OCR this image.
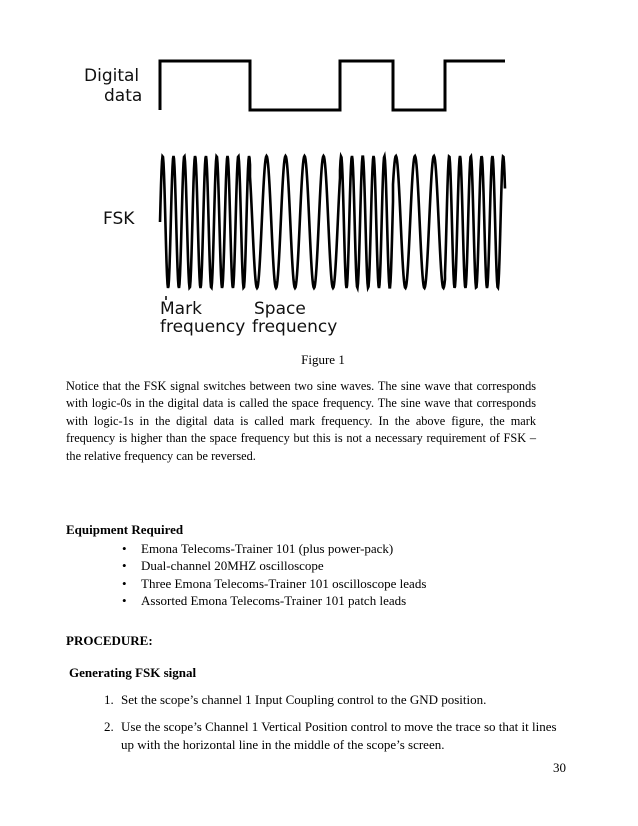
Digital
data
FSK
Mark
frequency
Space
frequency
Figure 1

Notice that the FSK signal switches between two sine waves. The sine wave that corresponds with logic-0s in the digital data is called the space frequency. The sine wave that corresponds with logic-1s in the digital data is called mark frequency. In the above figure, the mark frequency is higher than the space frequency but this is not a necessary requirement of FSK – the relative frequency can be reversed.

Equipment Required
• Emona Telecoms-Trainer 101 (plus power-pack)
• Dual-channel 20MHZ oscilloscope
• Three Emona Telecoms-Trainer 101 oscilloscope leads
• Assorted Emona Telecoms-Trainer 101 patch leads
PROCEDURE:
Generating FSK signal
1. Set the scope’s channel 1 Input Coupling control to the GND position.
2. Use the scope’s Channel 1 Vertical Position control to move the trace so that it lines up with the horizontal line in the middle of the scope’s screen.
30
